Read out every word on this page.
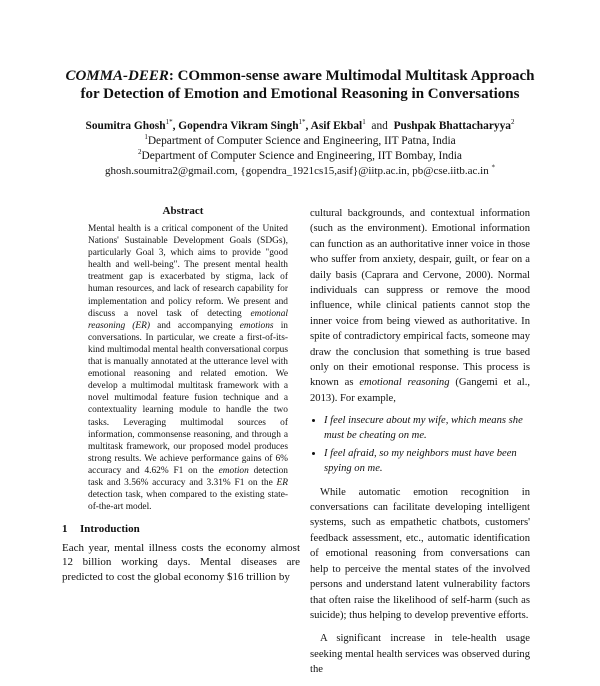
COMMA-DEER: COmmon-sense aware Multimodal Multitask Approach
for Detection of Emotion and Emotional Reasoning in Conversations
Soumitra Ghosh$^{1*}$, Gopendra Vikram Singh$^{1*}$, Asif Ekbal$^1$  and  Pushpak Bhattacharyya$^2$
$^1$Department of Computer Science and Engineering, IIT Patna, India
$^2$Department of Computer Science and Engineering, IIT Bombay, India
ghosh.soumitra2@gmail.com, {gopendra_1921cs15,asif}@iitp.ac.in, pb@cse.iitb.ac.in *
Abstract
Mental health is a critical component of the United Nations' Sustainable Development Goals (SDGs), particularly Goal 3, which aims to provide "good health and well-being". The present mental health treatment gap is exacerbated by stigma, lack of human resources, and lack of research capability for implementation and policy reform. We present and discuss a novel task of detecting emotional reasoning (ER) and accompanying emotions in conversations. In particular, we create a first-of-its-kind multimodal mental health conversational corpus that is manually annotated at the utterance level with emotional reasoning and related emotion. We develop a multimodal multitask framework with a novel multimodal feature fusion technique and a contextuality learning module to handle the two tasks. Leveraging multimodal sources of information, commonsense reasoning, and through a multitask framework, our proposed model produces strong results. We achieve performance gains of 6% accuracy and 4.62% F1 on the emotion detection task and 3.56% accuracy and 3.31% F1 on the ER detection task, when compared to the existing state-of-the-art model.
1 Introduction
Each year, mental illness costs the economy almost 12 billion working days. Mental diseases are predicted to cost the global economy $16 trillion by

cultural backgrounds, and contextual information (such as the environment). Emotional information can function as an authoritative inner voice in those who suffer from anxiety, despair, guilt, or fear on a daily basis (Caprara and Cervone, 2000). Normal individuals can suppress or remove the mood influence, while clinical patients cannot stop the inner voice from being viewed as authoritative. In spite of contradictory empirical facts, someone may draw the conclusion that something is true based only on their emotional response. This process is known as emotional reasoning (Gangemi et al., 2013). For example,

• I feel insecure about my wife, which means she must be cheating on me.
• I feel afraid, so my neighbors must have been spying on me.

While automatic emotion recognition in conversations can facilitate developing intelligent systems, such as empathetic chatbots, customers' feedback assessment, etc., automatic identification of emotional reasoning from conversations can help to perceive the mental states of the involved persons and understand latent vulnerability factors that often raise the likelihood of self-harm (such as suicide); thus helping to develop preventive efforts.

A significant increase in tele-health usage seeking mental health services was observed during the
